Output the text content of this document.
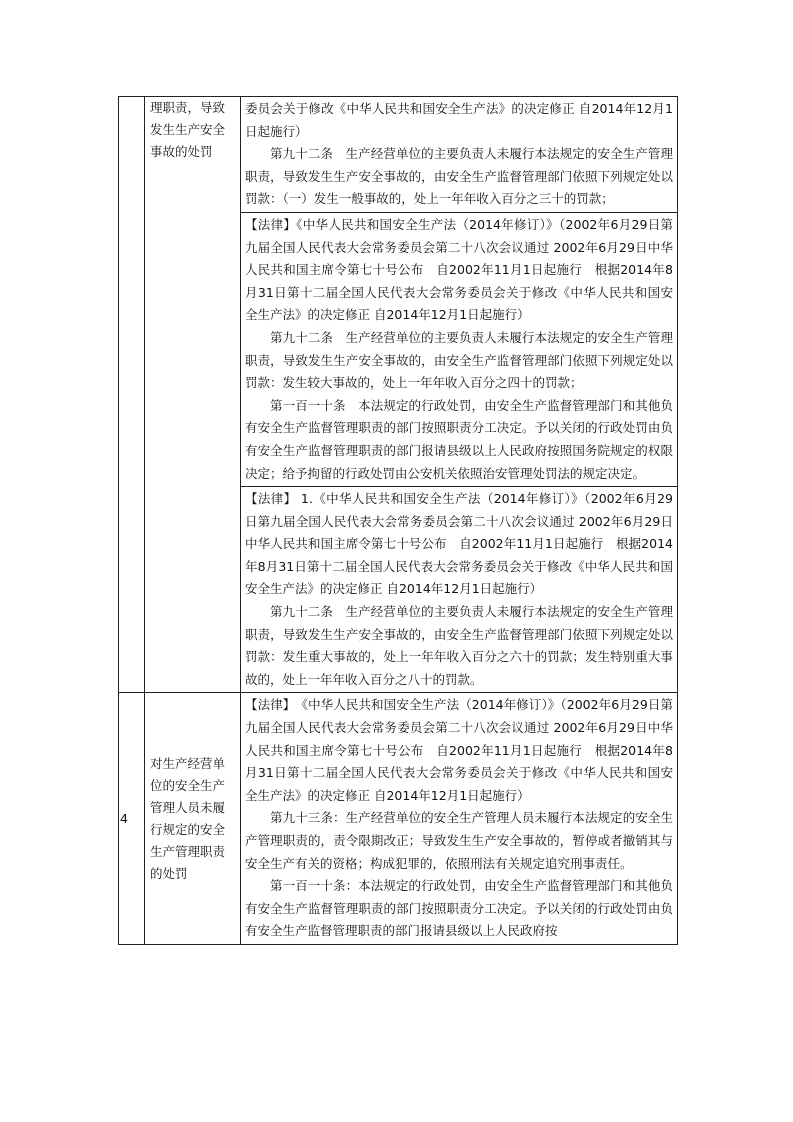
	理职责，导致发生生产安全事故的处罚	委员会关于修改《中华人民共和国安全生产法》的决定修正 自2014年12月1日起施行）

第九十二条　生产经营单位的主要负责人未履行本法规定的安全生产管理职责，导致发生生产安全事故的，由安全生产监督管理部门依照下列规定处以罚款：（一）发生一般事故的，处上一年年收入百分之三十的罚款；

		【法律】《中华人民共和国安全生产法（2014年修订）》（2002年6月29日第九届全国人民代表大会常务委员会第二十八次会议通过 2002年6月29日中华人民共和国主席令第七十号公布　自2002年11月1日起施行　根据2014年8月31日第十二届全国人民代表大会常务委员会关于修改《中华人民共和国安全生产法》的决定修正 自2014年12月1日起施行）

第九十二条　生产经营单位的主要负责人未履行本法规定的安全生产管理职责，导致发生生产安全事故的，由安全生产监督管理部门依照下列规定处以罚款：发生较大事故的，处上一年年收入百分之四十的罚款；

第一百一十条　本法规定的行政处罚，由安全生产监督管理部门和其他负有安全生产监督管理职责的部门按照职责分工决定。予以关闭的行政处罚由负有安全生产监督管理职责的部门报请县级以上人民政府按照国务院规定的权限决定；给予拘留的行政处罚由公安机关依照治安管理处罚法的规定决定。

		【法律】 1.《中华人民共和国安全生产法（2014年修订）》（2002年6月29日第九届全国人民代表大会常务委员会第二十八次会议通过 2002年6月29日中华人民共和国主席令第七十号公布　自2002年11月1日起施行　根据2014年8月31日第十二届全国人民代表大会常务委员会关于修改《中华人民共和国安全生产法》的决定修正 自2014年12月1日起施行）

第九十二条　生产经营单位的主要负责人未履行本法规定的安全生产管理职责，导致发生生产安全事故的，由安全生产监督管理部门依照下列规定处以罚款：发生重大事故的，处上一年年收入百分之六十的罚款；发生特别重大事故的，处上一年年收入百分之八十的罚款。

4	对生产经营单位的安全生产管理人员未履行规定的安全生产管理职责的处罚	【法律】　《中华人民共和国安全生产法（2014年修订）》（2002年6月29日第九届全国人民代表大会常务委员会第二十八次会议通过 2002年6月29日中华人民共和国主席令第七十号公布　自2002年11月1日起施行　根据2014年8月31日第十二届全国人民代表大会常务委员会关于修改《中华人民共和国安全生产法》的决定修正 自2014年12月1日起施行）

第九十三条：生产经营单位的安全生产管理人员未履行本法规定的安全生产管理职责的，责令限期改正；导致发生生产安全事故的，暂停或者撤销其与安全生产有关的资格；构成犯罪的，依照刑法有关规定追究刑事责任。

第一百一十条：本法规定的行政处罚，由安全生产监督管理部门和其他负有安全生产监督管理职责的部门按照职责分工决定。予以关闭的行政处罚由负有安全生产监督管理职责的部门报请县级以上人民政府按
